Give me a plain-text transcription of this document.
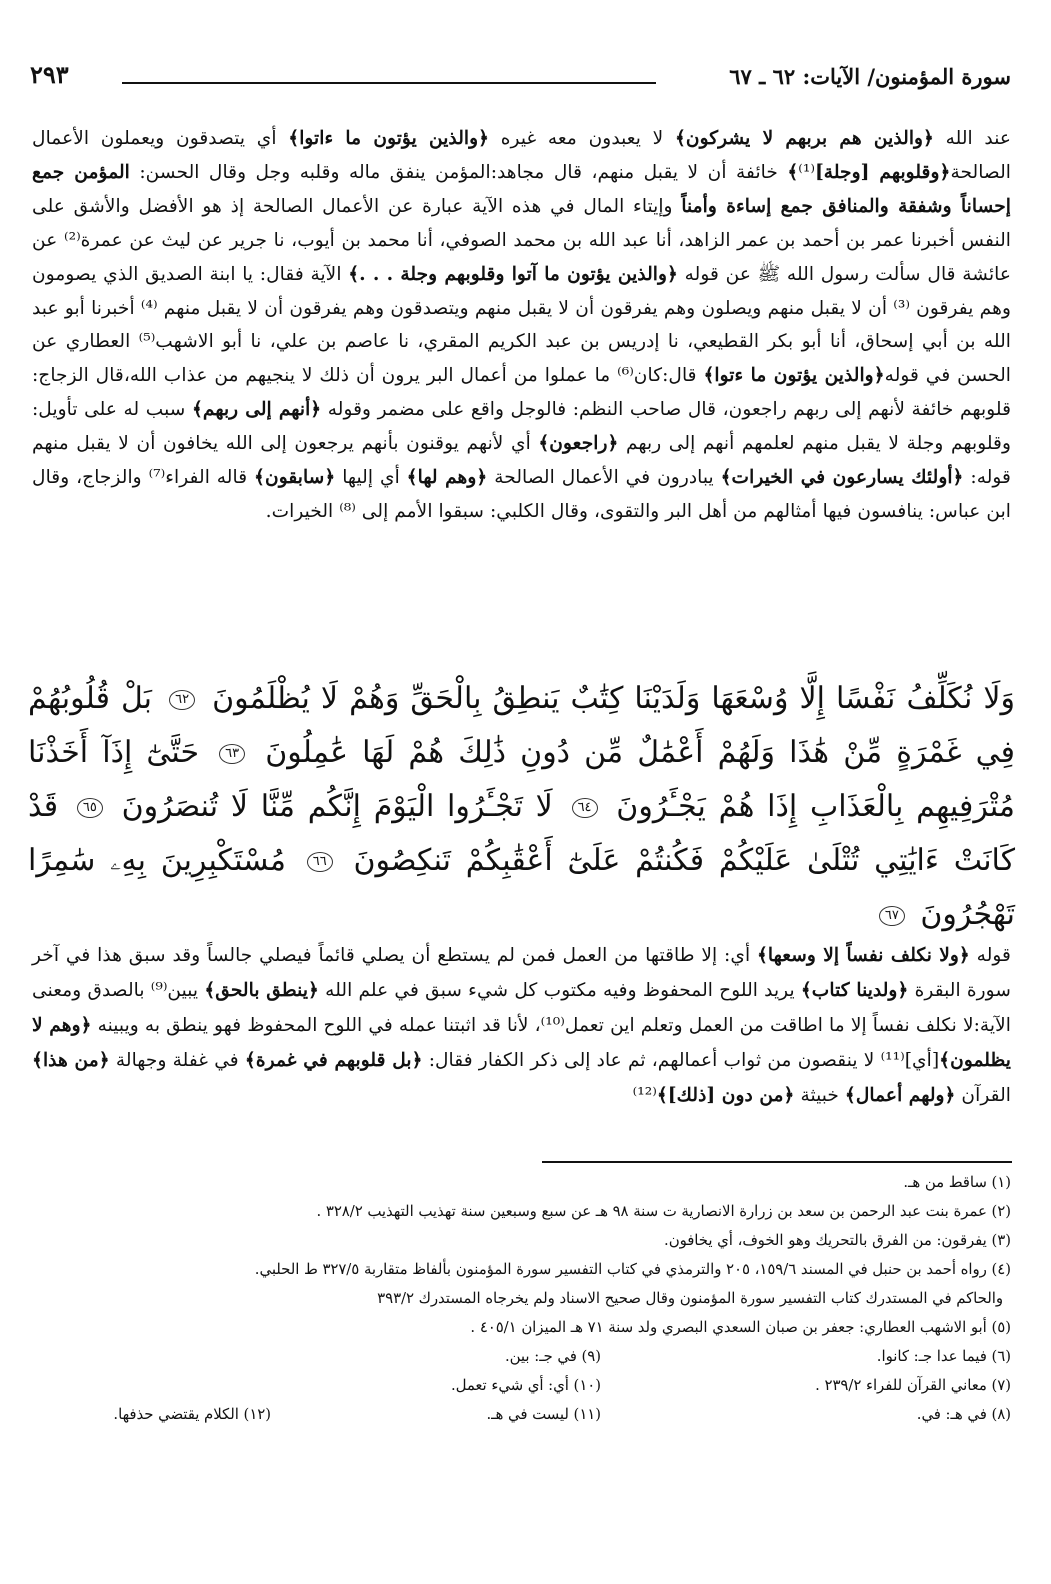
سورة المؤمنون/ الآيات: ٦٢ ـ ٦٧
٢٩٣

عند الله ﴿والذين هم بربهم لا يشركون﴾ لا يعبدون معه غيره ﴿والذين يؤتون ما ءاتوا﴾ أي يتصدقون ويعملون الأعمال الصالحة﴿وقلوبهم [وجلة]⁽¹⁾﴾ خائفة أن لا يقبل منهم، قال مجاهد:المؤمن ينفق ماله وقلبه وجل وقال الحسن: المؤمن جمع إحساناً وشفقة والمنافق جمع إساءة وأمناً وإيتاء المال في هذه الآية عبارة عن الأعمال الصالحة إذ هو الأفضل والأشق على النفس أخبرنا عمر بن أحمد بن عمر الزاهد، أنا عبد الله بن محمد الصوفي، أنا محمد بن أيوب، نا جرير عن ليث عن عمرة⁽²⁾ عن عائشة قال سألت رسول الله ﷺ عن قوله ﴿والذين يؤتون ما آتوا وقلوبهم وجلة . . .﴾ الآية فقال: يا ابنة الصديق الذي يصومون وهم يفرقون ⁽³⁾ أن لا يقبل منهم ويصلون وهم يفرقون أن لا يقبل منهم ويتصدقون وهم يفرقون أن لا يقبل منهم ⁽⁴⁾ أخبرنا أبو عبد الله بن أبي إسحاق، أنا أبو بكر القطيعي، نا إدريس بن عبد الكريم المقري، نا عاصم بن علي، نا أبو الاشهب⁽⁵⁾ العطاري عن الحسن في قوله﴿والذين يؤتون ما ءتوا﴾ قال:كان⁽⁶⁾ ما عملوا من أعمال البر يرون أن ذلك لا ينجيهم من عذاب الله،قال الزجاج: قلوبهم خائفة لأنهم إلى ربهم راجعون، قال صاحب النظم: فالوجل واقع على مضمر وقوله ﴿أنهم إلى ربهم﴾ سبب له على تأويل: وقلوبهم وجلة لا يقبل منهم لعلمهم أنهم إلى ربهم ﴿راجعون﴾ أي لأنهم يوقنون بأنهم يرجعون إلى الله يخافون أن لا يقبل منهم قوله: ﴿أولئك يسارعون في الخيرات﴾ يبادرون في الأعمال الصالحة ﴿وهم لها﴾ أي إليها ﴿سابقون﴾ قاله الفراء⁽⁷⁾ والزجاج، وقال ابن عباس: ينافسون فيها أمثالهم من أهل البر والتقوى، وقال الكلبي: سبقوا الأمم إلى ⁽⁸⁾ الخيرات.

وَلَا نُكَلِّفُ نَفْسًا إِلَّا وُسْعَهَا وَلَدَيْنَا كِتَٰبٌ يَنطِقُ بِالْحَقِّ وَهُمْ لَا يُظْلَمُونَ ٦٢ بَلْ قُلُوبُهُمْ فِي غَمْرَةٍ مِّنْ هَٰذَا وَلَهُمْ أَعْمَٰلٌ مِّن دُونِ ذَٰلِكَ هُمْ لَهَا عَٰمِلُونَ ٦٣ حَتَّىٰٓ إِذَآ أَخَذْنَا مُتْرَفِيهِم بِالْعَذَابِ إِذَا هُمْ يَجْـَٔرُونَ ٦٤ لَا تَجْـَٔرُوا الْيَوْمَ إِنَّكُم مِّنَّا لَا تُنصَرُونَ ٦٥ قَدْ كَانَتْ ءَايَٰتِي تُتْلَىٰ عَلَيْكُمْ فَكُنتُمْ عَلَىٰٓ أَعْقَٰبِكُمْ تَنكِصُونَ ٦٦ مُسْتَكْبِرِينَ بِهِۦ سَٰمِرًا تَهْجُرُونَ ٦٧
قوله ﴿ولا نكلف نفساً إلا وسعها﴾ أي: إلا طاقتها من العمل فمن لم يستطع أن يصلي قائماً فيصلي جالساً وقد سبق هذا في آخر سورة البقرة ﴿ولدينا كتاب﴾ يريد اللوح المحفوظ وفيه مكتوب كل شيء سبق في علم الله ﴿ينطق بالحق﴾ يبين⁽⁹⁾ بالصدق ومعنى الآية:لا نكلف نفساً إلا ما اطاقت من العمل وتعلم اين تعمل⁽¹⁰⁾، لأنا قد اثبتنا عمله في اللوح المحفوظ فهو ينطق به ويبينه ﴿وهم لا يظلمون﴾[أي]⁽¹¹⁾ لا ينقصون من ثواب أعمالهم، ثم عاد إلى ذكر الكفار فقال: ﴿بل قلوبهم في غمرة﴾ في غفلة وجهالة ﴿من هذا﴾ القرآن ﴿ولهم أعمال﴾ خبيثة ﴿من دون [ذلك]﴾⁽¹²⁾
(١) ساقط من هـ.
(٢) عمرة بنت عبد الرحمن بن سعد بن زرارة الانصارية ت سنة ٩٨ هـ عن سبع وسبعين سنة تهذيب التهذيب ٣٢٨/٢ .
(٣) يفرقون: من الفرق بالتحريك وهو الخوف، أي يخافون.
(٤) رواه أحمد بن حنبل في المسند ١٥٩/٦، ٢٠٥ والترمذي في كتاب التفسير سورة المؤمنون بألفاظ متقاربة ٣٢٧/٥ ط الحلبي.
والحاكم في المستدرك كتاب التفسير سورة المؤمنون وقال صحيح الاسناد ولم يخرجاه المستدرك ٣٩٣/٢
(٥) أبو الاشهب العطاري: جعفر بن صبان السعدي البصري ولد سنة ٧١ هـ الميزان ٤٠٥/١ .
(٦) فيما عدا جـ: كانوا.
(٧) معاني القرآن للفراء ٢٣٩/٢ .
(٨) في هـ: في.
(٩) في جـ: بين.
(١٠) أي: أي شيء تعمل.
(١١) ليست في هـ.
(١٢) الكلام يقتضي حذفها.
